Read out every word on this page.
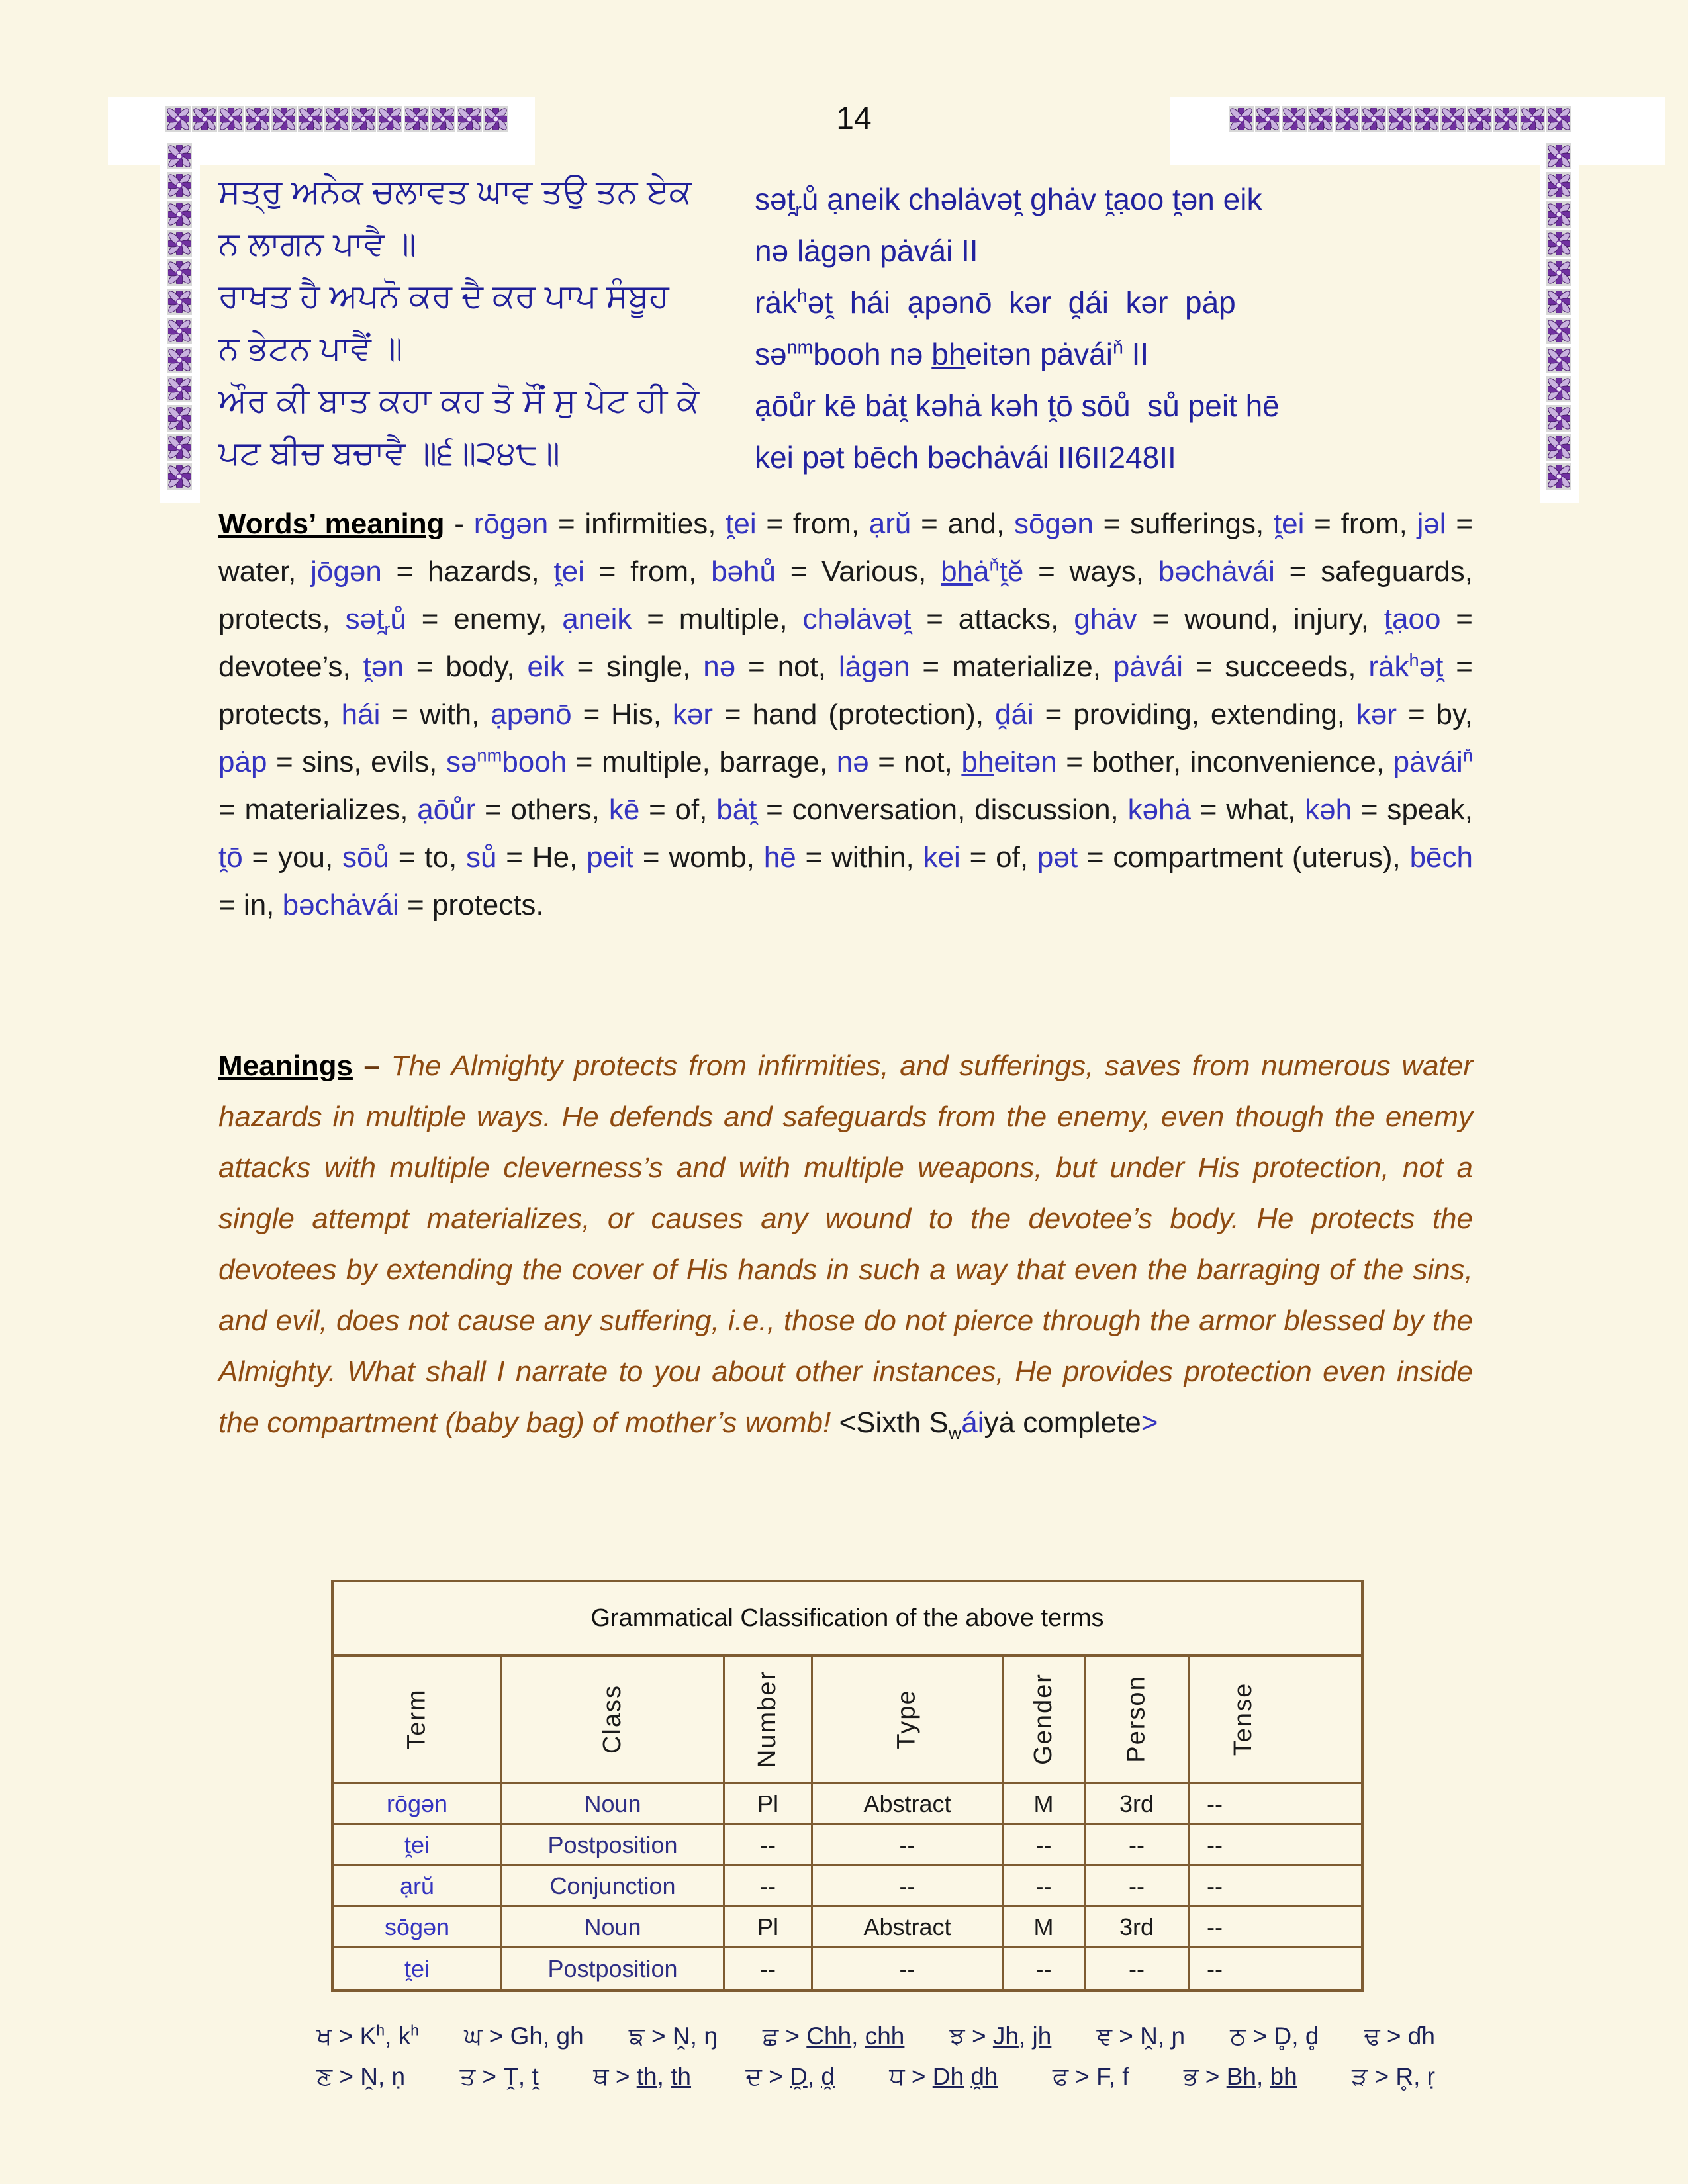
14
ਸਤ੍ਰੁ ਅਨੇਕ ਚਲਾਵਤ ਘਾਵ ਤਉ ਤਨ ਏਕ
ਨ ਲਾਗਨ ਪਾਵੈ ॥
ਰਾਖਤ ਹੈ ਅਪਨੋ ਕਰ ਦੈ ਕਰ ਪਾਪ ਸੰਬੂਹ
ਨ ਭੇਟਨ ਪਾਵੈਂ ॥
ਔਰ ਕੀ ਬਾਤ ਕਹਾ ਕਹ ਤੋ ਸੌਂ ਸੁ ਪੇਟ ਹੀ ਕੇ
ਪਟ ਬੀਚ ਬਚਾਵੈ ॥੬॥੨੪੮॥
$sət̯_rů$ ạneik chəlȧvət̯ ghȧv t̯ạoo t̯ən eik
nə lȧgən pȧvái II
rȧk$^h$ət̯  hái  ạpənō  kər  d̯ái  kər  pȧp
sə$^{nm}$booh nə bheitən pȧvái$^ň$ II
ạōůr kē bȧt̯ kəhȧ kəh t̯ō sōů  sů peit hē
kei pət bēch bəchȧvái II6II248II

Words’ meaning - rōgən = infirmities, t̯ei = from, ạrŭ = and, sōgən = sufferings, t̯ei = from, jəl = water, jōgən = hazards, t̯ei = from, bəhů = Various, bhȧ$^ň$t̯ĕ = ways, bəchȧvái = safeguards, protects, $sət̯_rů$ = enemy, ạneik = multiple, chəlȧvət̯ = attacks, ghȧv = wound, injury, t̯ạoo = devotee’s, t̯ən = body, eik = single, nə = not, lȧgən = materialize, pȧvái = succeeds, rȧk$^h$ət̯ = protects, hái = with, ạpənō = His, kər = hand (protection), d̯ái = providing, extending, kər = by, pȧp = sins, evils, sə$^{nm}$booh = multiple, barrage, nə = not, bheitən = bother, inconvenience, pȧvái$^ň$ = materializes, ạōůr = others, kē = of, bȧt̯ = conversation, discussion, kəhȧ = what, kəh = speak, t̯ō = you, sōů = to, sů = He, peit = womb, hē = within, kei = of, pət = compartment (uterus), bēch = in, bəchȧvái = protects.

Meanings – The Almighty protects from infirmities, and sufferings, saves from numerous water hazards in multiple ways. He defends and safeguards from the enemy, even though the enemy attacks with multiple cleverness’s and with multiple weapons, but under His protection, not a single attempt materializes, or causes any wound to the devotee’s body. He protects the devotees by extending the cover of His hands in such a way that even the barraging of the sins, and evil, does not cause any suffering, i.e., those do not pierce through the armor blessed by the Almighty. What shall I narrate to you about other instances, He provides protection even inside the compartment (baby bag) of mother’s womb! <Sixth $S_wáiyȧ$ complete>

Grammatical Classification of the above terms
Term	Class	Number	Type	Gender	Person	Tense
rōgən	Noun	Pl	Abstract	M	3rd	--
t̯ei	Postposition	--	--	--	--	--
ạrŭ	Conjunction	--	--	--	--	--
sōgən	Noun	Pl	Abstract	M	3rd	--
t̯ei	Postposition	--	--	--	--	--
ਖ > $K^h$, $k^h$ ਘ > Gh, gh ਙ > Ṋ, ŋ ਛ > Chh, chh ਝ > Jh, jh ਞ > Ṋ, ɲ ਠ > D̥, d̥ ਢ > ɗh
ਣ > Ṋ, ṇ ਤ > Ṱ, ṱ ਥ > th, th ਦ > D̯, d̯ ਧ > Dh d̯h ਫ > F, f ਭ > Bh, bh ੜ > R̥, ṛ
